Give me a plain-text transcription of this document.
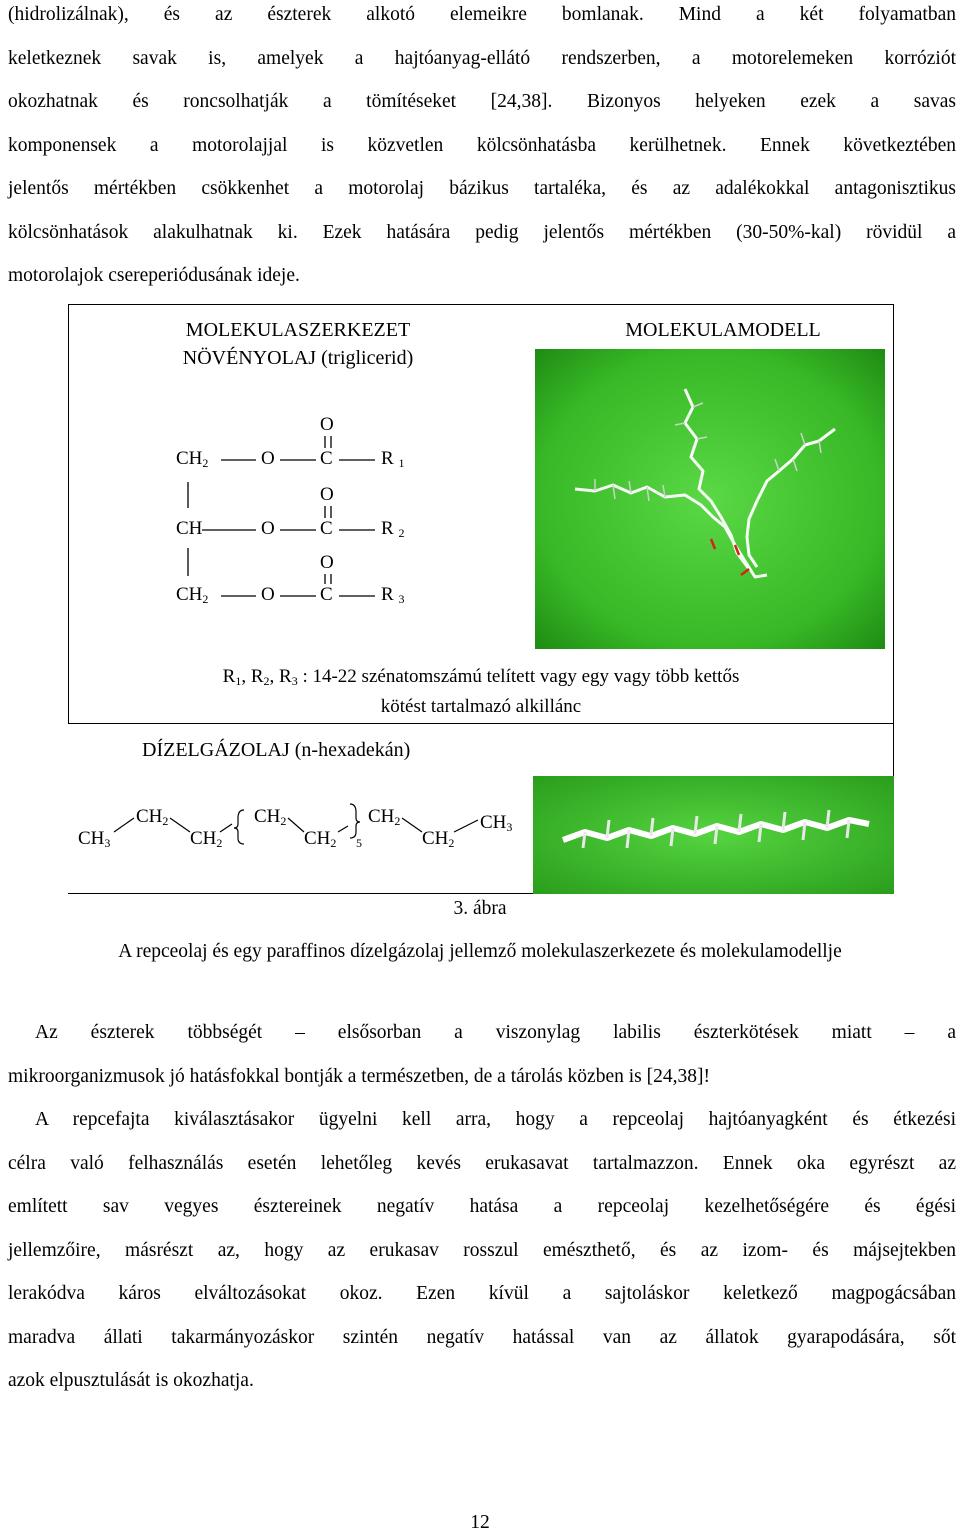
(hidrolizálnak), és az észterek alkotó elemeikre bomlanak. Mind a két folyamatban
keletkeznek savak is, amelyek a hajtóanyag-ellátó rendszerben, a motorelemeken korróziót
okozhatnak és roncsolhatják a tömítéseket [24,38]. Bizonyos helyeken ezek a savas
komponensek a motorolajjal is közvetlen kölcsönhatásba kerülhetnek. Ennek következtében
jelentős mértékben csökkenhet a motorolaj bázikus tartaléka, és az adalékokkal antagonisztikus
kölcsönhatások alakulhatnak ki. Ezek hatására pedig jelentős mértékben (30-50%-kal) rövidül a
motorolajok csereperiódusának ideje.
MOLEKULASZERKEZET
NÖVÉNYOLAJ (triglicerid)
MOLEKULAMODELL
$CH_2$	O
O
C	R $_1$
CH	O
O
C	R $_2$
$CH_2$	O
O
C	R $_3$
$R_1$, $R_2$, $R_3$ : 14-22 szénatomszámú telített vagy egy vagy több kettős
kötést tartalmazó alkillánc
DÍZELGÁZOLAJ (n-hexadekán)
$CH_3$
$CH_2$
$CH_2$
$CH_2$
$CH_2$ 5
$CH_2$
$CH_2$
$CH_3$
3. ábra
A repceolaj és egy paraffinos dízelgázolaj jellemző molekulaszerkezete és molekulamodellje
Az észterek többségét – elsősorban a viszonylag labilis észterkötések miatt – a
mikroorganizmusok jó hatásfokkal bontják a természetben, de a tárolás közben is [24,38]!
A repcefajta kiválasztásakor ügyelni kell arra, hogy a repceolaj hajtóanyagként és étkezési
célra való felhasználás esetén lehetőleg kevés erukasavat tartalmazzon. Ennek oka egyrészt az
említett sav vegyes észtereinek negatív hatása a repceolaj kezelhetőségére és égési
jellemzőire, másrészt az, hogy az erukasav rosszul emészthető, és az izom- és májsejtekben
lerakódva káros elváltozásokat okoz. Ezen kívül a sajtoláskor keletkező magpogácsában
maradva állati takarmányozáskor szintén negatív hatással van az állatok gyarapodására, sőt
azok elpusztulását is okozhatja.
12
